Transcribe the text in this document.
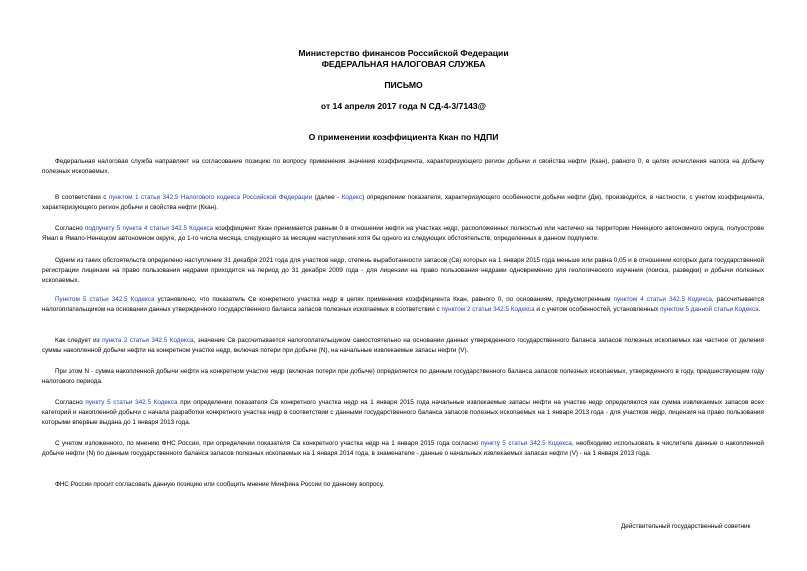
Министерство финансов Российской Федерации
ФЕДЕРАЛЬНАЯ НАЛОГОВАЯ СЛУЖБА
ПИСЬМО
от 14 апреля 2017 года N СД-4-3/7143@
О применении коэффициента Ккан по НДПИ

Федеральная налоговая служба направляет на согласование позицию по вопросу применения значения коэффициента, характеризующего регион добычи и свойства нефти (Ккан), равного 0, в целях исчисления налога на добычу полезных ископаемых.

В соответствии с пунктом 1 статьи 342.5 Налогового кодекса Российской Федерации (далее - Кодекс) определение показателя, характеризующего особенности добычи нефти (Дм), производится, в частности, с учетом коэффициента, характеризующего регион добычи и свойства нефти (Ккан).

Согласно подпункту 5 пункта 4 статьи 342.5 Кодекса коэффициент Ккан принимается равным 0 в отношении нефти на участках недр, расположенных полностью или частично на территории Ненецкого автономного округа, полуострове Ямал в Ямало-Ненецком автономном округе, до 1-го числа месяца, следующего за месяцем наступления хотя бы одного из следующих обстоятельств, определенных в данном подпункте.

Одним из таких обстоятельств определено наступление 31 декабря 2021 года для участков недр, степень выработанности запасов (Св) которых на 1 января 2015 года меньше или равна 0,05 и в отношении которых дата государственной регистрации лицензии на право пользования недрами приходится на период до 31 декабря 2009 года - для лицензии на право пользования недрами одновременно для геологического изучения (поиска, разведки) и добычи полезных ископаемых.

Пунктом 5 статьи 342.5 Кодекса установлено, что показатель Св конкретного участка недр в целях применения коэффициента Ккан, равного 0, по основаниям, предусмотренным пунктом 4 статьи 342.5 Кодекса, рассчитывается налогоплательщиком на основании данных утвержденного государственного баланса запасов полезных ископаемых в соответствии с пунктом 2 статьи 342.5 Кодекса и с учетом особенностей, установленных пунктом 5 данной статьи Кодекса.

Как следует из пункта 2 статьи 342.5 Кодекса, значение Св рассчитывается налогоплательщиком самостоятельно на основании данных утвержденного государственного баланса запасов полезных ископаемых как частное от деления суммы накопленной добычи нефти на конкретном участке недр, включая потери при добыче (N), на начальные извлекаемые запасы нефти (V).

При этом N - сумма накопленной добычи нефти на конкретном участке недр (включая потери при добыче) определяется по данным государственного баланса запасов полезных ископаемых, утвержденного в году, предшествующем году налогового периода.

Согласно пункту 5 статьи 342.5 Кодекса при определении показателя Св конкретного участка недр на 1 января 2015 года начальные извлекаемые запасы нефти на участке недр определяются как сумма извлекаемых запасов всех категорий и накопленной добычи с начала разработки конкретного участка недр в соответствии с данными государственного баланса запасов полезных ископаемых на 1 января 2013 года - для участков недр, лицензия на право пользования которыми впервые выдана до 1 января 2013 года.

С учетом изложенного, по мнению ФНС России, при определении показателя Св конкретного участка недр на 1 января 2015 года согласно пункту 5 статьи 342.5 Кодекса, необходимо использовать в числителе данные о накопленной добыче нефти (N) по данным государственного баланса запасов полезных ископаемых на 1 января 2014 года, в знаменателе - данные о начальных извлекаемых запасах нефти (V) - на 1 января 2013 года.

ФНС России просит согласовать данную позицию или сообщить мнение Минфина России по данному вопросу.

Действительный государственный советник
